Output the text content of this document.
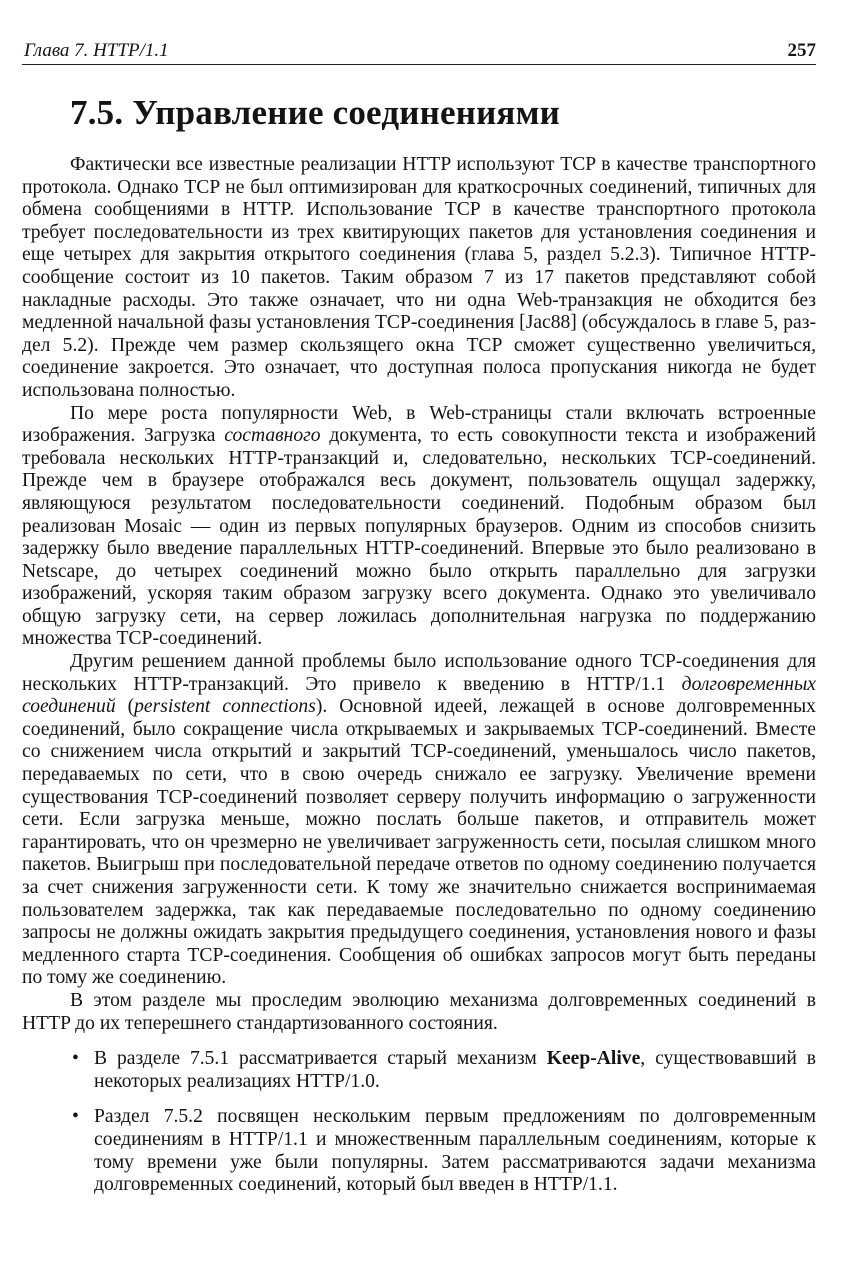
Глава 7. HTTP/1.1	257
7.5. Управление соединениями

Фактически все известные реализации HTTP используют TCP в качестве транспортного протокола. Однако TCP не был оптимизирован для краткосрочных соединений, типичных для обмена сообщениями в HTTP. Использование TCP в качестве транспортного протокола требует последовательности из трех квитирующих пакетов для установления соединения и еще четырех для закрытия открытого соединения (глава 5, раздел 5.2.3). Типичное HTTP-сообщение состоит из 10 пакетов. Таким образом 7 из 17 пакетов представляют собой накладные расходы. Это также означает, что ни одна Web-транзакция не обходится без медленной начальной фазы установления TCP-соединения [Jac88] (обсуждалось в главе 5, раздел 5.2). Прежде чем размер скользящего окна TCP сможет существенно увеличиться, соединение закроется. Это означает, что доступная полоса пропускания никогда не будет использована полностью.

По мере роста популярности Web, в Web-страницы стали включать встроенные изображения. Загрузка составного документа, то есть совокупности текста и изображений требовала нескольких HTTP-транзакций и, следовательно, нескольких TCP-соединений. Прежде чем в браузере отображался весь документ, пользователь ощущал задержку, являющуюся результатом последовательности соединений. Подобным образом был реализован Mosaic — один из первых популярных браузеров. Одним из способов снизить задержку было введение параллельных HTTP-соединений. Впервые это было реализовано в Netscape, до четырех соединений можно было открыть параллельно для загрузки изображений, ускоряя таким образом загрузку всего документа. Однако это увеличивало общую загрузку сети, на сервер ложилась дополнительная нагрузка по поддержанию множества TCP-соединений.

Другим решением данной проблемы было использование одного TCP-соединения для нескольких HTTP-транзакций. Это привело к введению в HTTP/1.1 долговременных соединений (persistent connections). Основной идеей, лежащей в основе долговременных соединений, было сокращение числа открываемых и закрываемых TCP-соединений. Вместе со снижением числа открытий и закрытий TCP-соединений, уменьшалось число пакетов, передаваемых по сети, что в свою очередь снижало ее загрузку. Увеличение времени существования TCP-соединений позволяет серверу получить информацию о загруженности сети. Если загрузка меньше, можно послать больше пакетов, и отправитель может гарантировать, что он чрезмерно не увеличивает загруженность сети, посылая слишком много пакетов. Выигрыш при последовательной передаче ответов по одному соединению получается за счет снижения загруженности сети. К тому же значительно снижается воспринимаемая пользователем задержка, так как передаваемые последовательно по одному соединению запросы не должны ожидать закрытия предыдущего соединения, установления нового и фазы медленного старта TCP-соединения. Сообщения об ошибках запросов могут быть переданы по тому же соединению.

В этом разделе мы проследим эволюцию механизма долговременных соединений в HTTP до их теперешнего стандартизованного состояния.

• В разделе 7.5.1 рассматривается старый механизм Keep-Alive, существовавший в некоторых реализациях HTTP/1.0.
• Раздел 7.5.2 посвящен нескольким первым предложениям по долговременным соединениям в HTTP/1.1 и множественным параллельным соединениям, которые к тому времени уже были популярны. Затем рассматриваются задачи механизма долговременных соединений, который был введен в HTTP/1.1.
